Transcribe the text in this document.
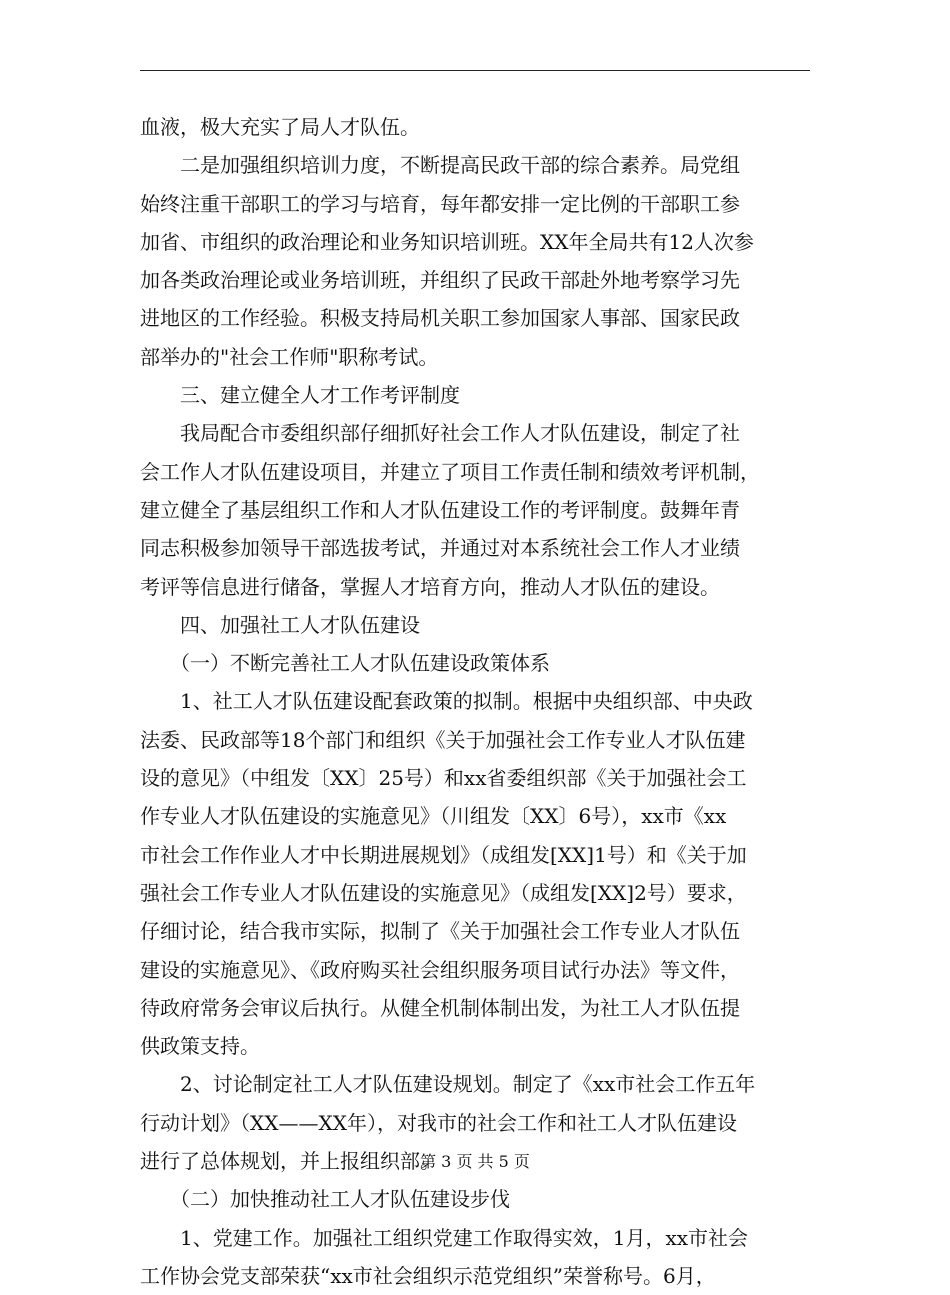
血液，极大充实了局人才队伍。
　　二是加强组织培训力度，不断提高民政干部的综合素养。局党组
始终注重干部职工的学习与培育，每年都安排一定比例的干部职工参
加省、市组织的政治理论和业务知识培训班。XX年全局共有12人次参
加各类政治理论或业务培训班，并组织了民政干部赴外地考察学习先
进地区的工作经验。积极支持局机关职工参加国家人事部、国家民政
部举办的"社会工作师"职称考试。
　　三、建立健全人才工作考评制度
　　我局配合市委组织部仔细抓好社会工作人才队伍建设，制定了社
会工作人才队伍建设项目，并建立了项目工作责任制和绩效考评机制，
建立健全了基层组织工作和人才队伍建设工作的考评制度。鼓舞年青
同志积极参加领导干部选拔考试，并通过对本系统社会工作人才业绩
考评等信息进行储备，掌握人才培育方向，推动人才队伍的建设。
　　四、加强社工人才队伍建设
　　（一）不断完善社工人才队伍建设政策体系
　　1、社工人才队伍建设配套政策的拟制。根据中央组织部、中央政
法委、民政部等18个部门和组织《关于加强社会工作专业人才队伍建
设的意见》（中组发〔XX〕25号）和xx省委组织部《关于加强社会工
作专业人才队伍建设的实施意见》（川组发〔XX〕6号），xx市《xx
市社会工作作业人才中长期进展规划》（成组发[XX]1号）和《关于加
强社会工作专业人才队伍建设的实施意见》（成组发[XX]2号）要求，
仔细讨论，结合我市实际，拟制了《关于加强社会工作专业人才队伍
建设的实施意见》、《政府购买社会组织服务项目试行办法》等文件，
待政府常务会审议后执行。从健全机制体制出发，为社工人才队伍提
供政策支持。
　　2、讨论制定社工人才队伍建设规划。制定了《xx市社会工作五年
行动计划》（XX——XX年），对我市的社会工作和社工人才队伍建设
进行了总体规划，并上报组织部。
　　（二）加快推动社工人才队伍建设步伐
　　1、党建工作。加强社工组织党建工作取得实效，1月，xx市社会
工作协会党支部荣获“xx市社会组织示范党组织”荣誉称号。6月，
第 3 页 共 5 页
